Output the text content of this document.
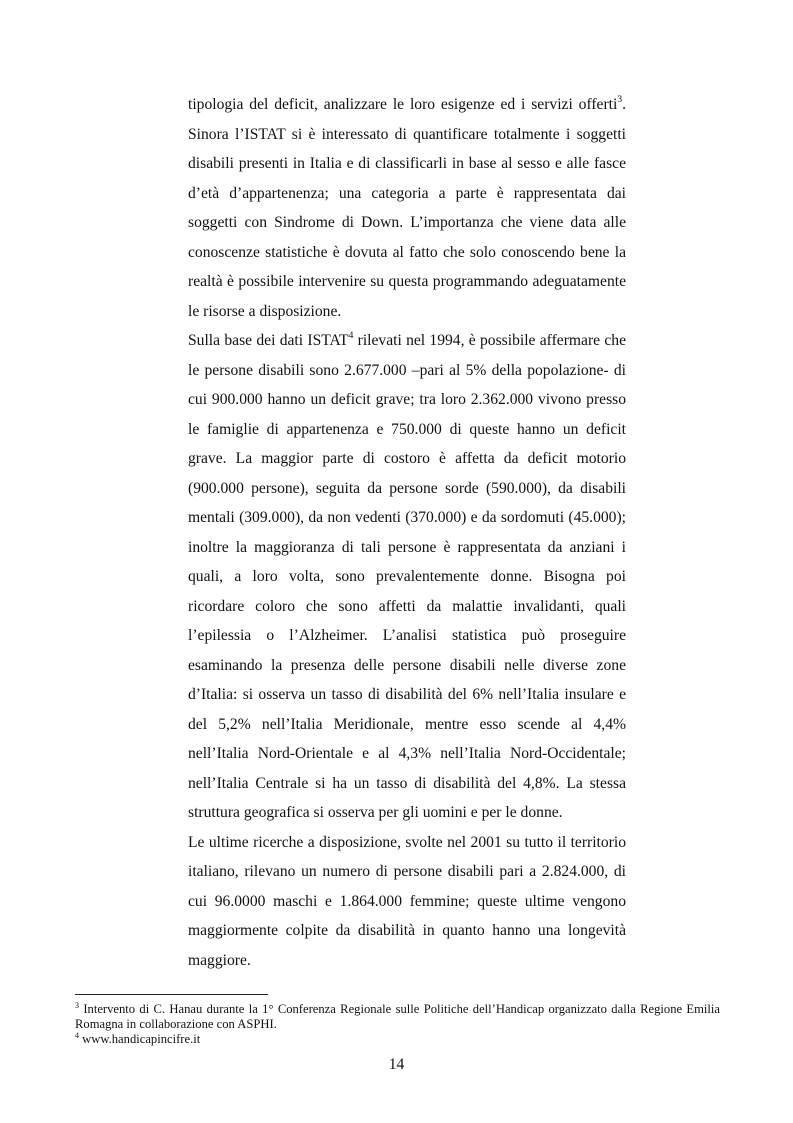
tipologia del deficit, analizzare le loro esigenze ed i servizi offerti$^3$. Sinora l’ISTAT si è interessato di quantificare totalmente i soggetti disabili presenti in Italia e di classificarli in base al sesso e alle fasce d’età d’appartenenza; una categoria a parte è rappresentata dai soggetti con Sindrome di Down. L’importanza che viene data alle conoscenze statistiche è dovuta al fatto che solo conoscendo bene la realtà è possibile intervenire su questa programmando adeguatamente le risorse a disposizione.

Sulla base dei dati ISTAT$^4$ rilevati nel 1994, è possibile affermare che le persone disabili sono 2.677.000 –pari al 5% della popolazione- di cui 900.000 hanno un deficit grave; tra loro 2.362.000 vivono presso le famiglie di appartenenza e 750.000 di queste hanno un deficit grave. La maggior parte di costoro è affetta da deficit motorio (900.000 persone), seguita da persone sorde (590.000), da disabili mentali (309.000), da non vedenti (370.000) e da sordomuti (45.000); inoltre la maggioranza di tali persone è rappresentata da anziani i quali, a loro volta, sono prevalentemente donne. Bisogna poi ricordare coloro che sono affetti da malattie invalidanti, quali l’epilessia o l’Alzheimer. L’analisi statistica può proseguire esaminando la presenza delle persone disabili nelle diverse zone d’Italia: si osserva un tasso di disabilità del 6% nell’Italia insulare e del 5,2% nell’Italia Meridionale, mentre esso scende al 4,4% nell’Italia Nord-Orientale e al 4,3% nell’Italia Nord-Occidentale; nell’Italia Centrale si ha un tasso di disabilità del 4,8%. La stessa struttura geografica si osserva per gli uomini e per le donne.

Le ultime ricerche a disposizione, svolte nel 2001 su tutto il territorio italiano, rilevano un numero di persone disabili pari a 2.824.000, di cui 96.0000 maschi e 1.864.000 femmine; queste ultime vengono maggiormente colpite da disabilità in quanto hanno una longevità maggiore.

$^3$ Intervento di C. Hanau durante la 1° Conferenza Regionale sulle Politiche dell’Handicap organizzato dalla Regione Emilia Romagna in collaborazione con ASPHI.

$^4$ www.handicapincifre.it

14
